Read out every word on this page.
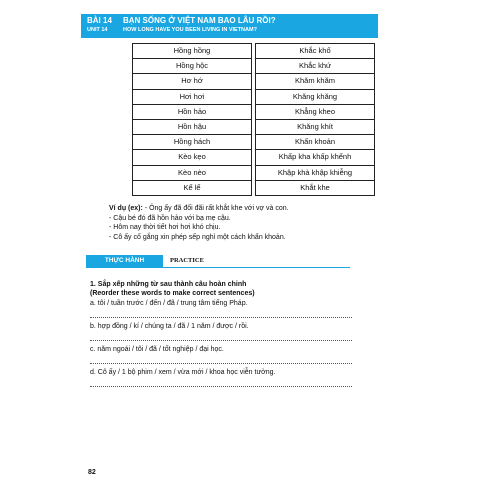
BÀI 14 BẠN SỐNG Ở VIỆT NAM BAO LÂU RỒI?
UNIT 14	HOW LONG HAVE YOU BEEN LIVING IN VIETNAM?
Hồng hồng		Khắc khổ
Hồng hộc		Khắc khứ
Hơ hớ		Khăm khăm
Hơi hơi		Khăng khăng
Hồn hảo		Khẳng kheo
Hồn hậu		Khăng khít
Hồng hách		Khẩn khoản
Kèo kẹo		Khấp kha khấp khểnh
Kèo nèo		Khập khà khập khiễng
Kể lể		Khắt khe
Ví dụ (ex): - Ông ấy đã đối đãi rất khắt khe với vợ và con.
- Cậu bé đó đã hồn hảo với bạ mẹ cậu.
- Hôm nay thời tiết hơi hơi khó chịu.
- Cô ấy cố gắng xin phép sếp nghỉ một cách khẩn khoản.
THỰC HÀNH	PRACTICE
1. Sắp xếp những từ sau thành câu hoàn chỉnh
(Reorder these words to make correct sentences)
a. tôi / tuần trước / đến / đã / trung tâm tiếng Pháp.
b. hợp đồng / kí / chúng ta / đã / 1 năm / được / rồi.
c. năm ngoái / tôi / đã / tốt nghiệp / đại học.
d. Cô ấy / 1 bộ phim / xem / vừa mới / khoa học viễn tưởng.
82
